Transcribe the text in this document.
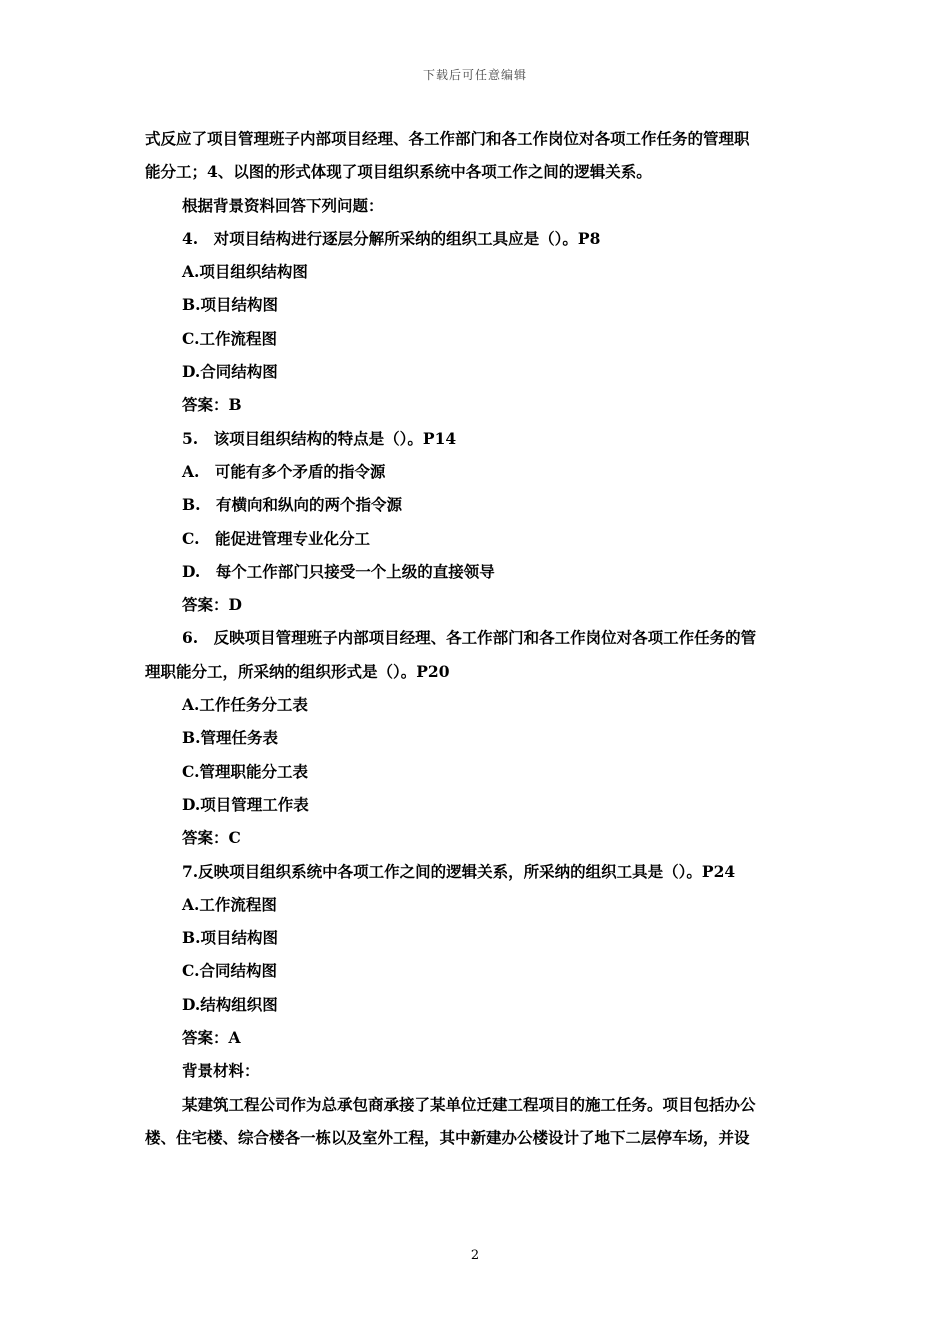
下载后可任意编辑
式反应了项目管理班子内部项目经理、各工作部门和各工作岗位对各项工作任务的管理职
能分工；4、以图的形式体现了项目组织系统中各项工作之间的逻辑关系。
根据背景资料回答下列问题：
4.　对项目结构进行逐层分解所采纳的组织工具应是（）。P8
A.项目组织结构图
B.项目结构图
C.工作流程图
D.合同结构图
答案：B
5.　该项目组织结构的特点是（）。P14
A.　可能有多个矛盾的指令源
B.　有横向和纵向的两个指令源
C.　能促进管理专业化分工
D.　每个工作部门只接受一个上级的直接领导
答案：D
6.　反映项目管理班子内部项目经理、各工作部门和各工作岗位对各项工作任务的管
理职能分工，所采纳的组织形式是（）。P20
A.工作任务分工表
B.管理任务表
C.管理职能分工表
D.项目管理工作表
答案：C
7.反映项目组织系统中各项工作之间的逻辑关系，所采纳的组织工具是（）。P24
A.工作流程图
B.项目结构图
C.合同结构图
D.结构组织图
答案：A
背景材料：
某建筑工程公司作为总承包商承接了某单位迁建工程项目的施工任务。项目包括办公
楼、住宅楼、综合楼各一栋以及室外工程，其中新建办公楼设计了地下二层停车场，并设
2
